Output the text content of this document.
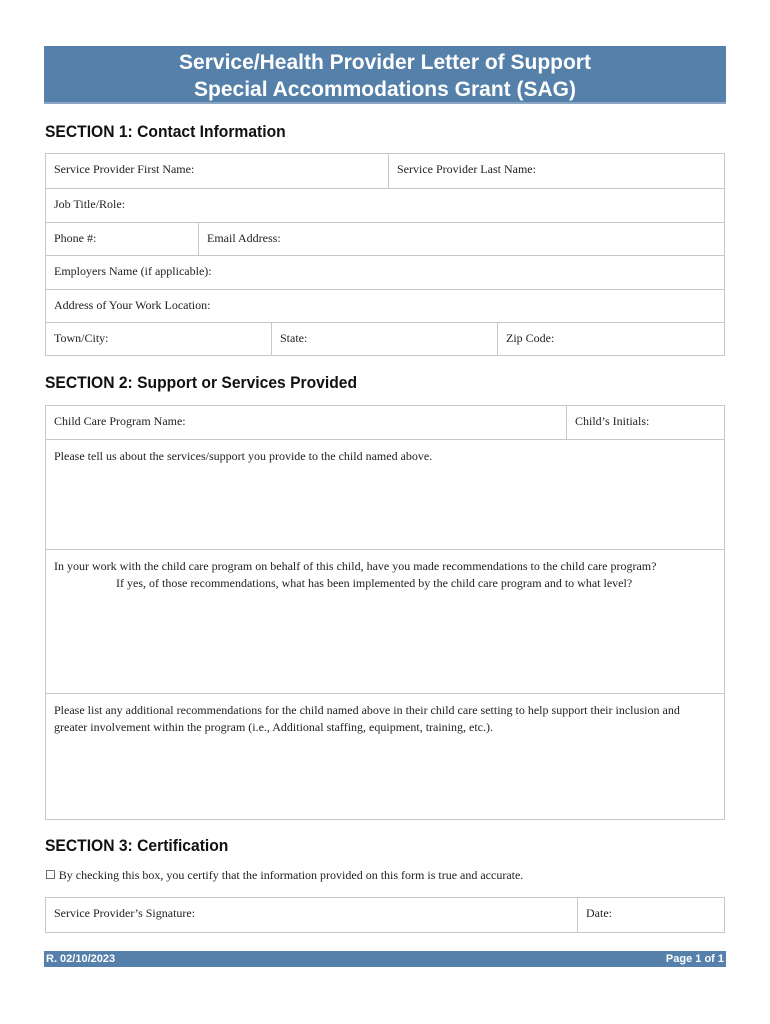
Service/Health Provider Letter of Support
Special Accommodations Grant (SAG)
SECTION 1: Contact Information
Service Provider First Name:	Service Provider Last Name:
Job Title/Role:
Phone #:	Email Address:
Employers Name (if applicable):
Address of Your Work Location:
Town/City:	State:	Zip Code:
SECTION 2: Support or Services Provided
Child Care Program Name:	Child’s Initials:
Please tell us about the services/support you provide to the child named above.
In your work with the child care program on behalf of this child, have you made recommendations to the child care program?If yes, of those recommendations, what has been implemented by the child care program and to what level?
Please list any additional recommendations for the child named above in their child care setting to help support their inclusion and greater involvement within the program (i.e., Additional staffing, equipment, training, etc.).
SECTION 3: Certification
☐ By checking this box, you certify that the information provided on this form is true and accurate.
Service Provider’s Signature:	Date:
R. 02/10/2023	Page 1 of 1
